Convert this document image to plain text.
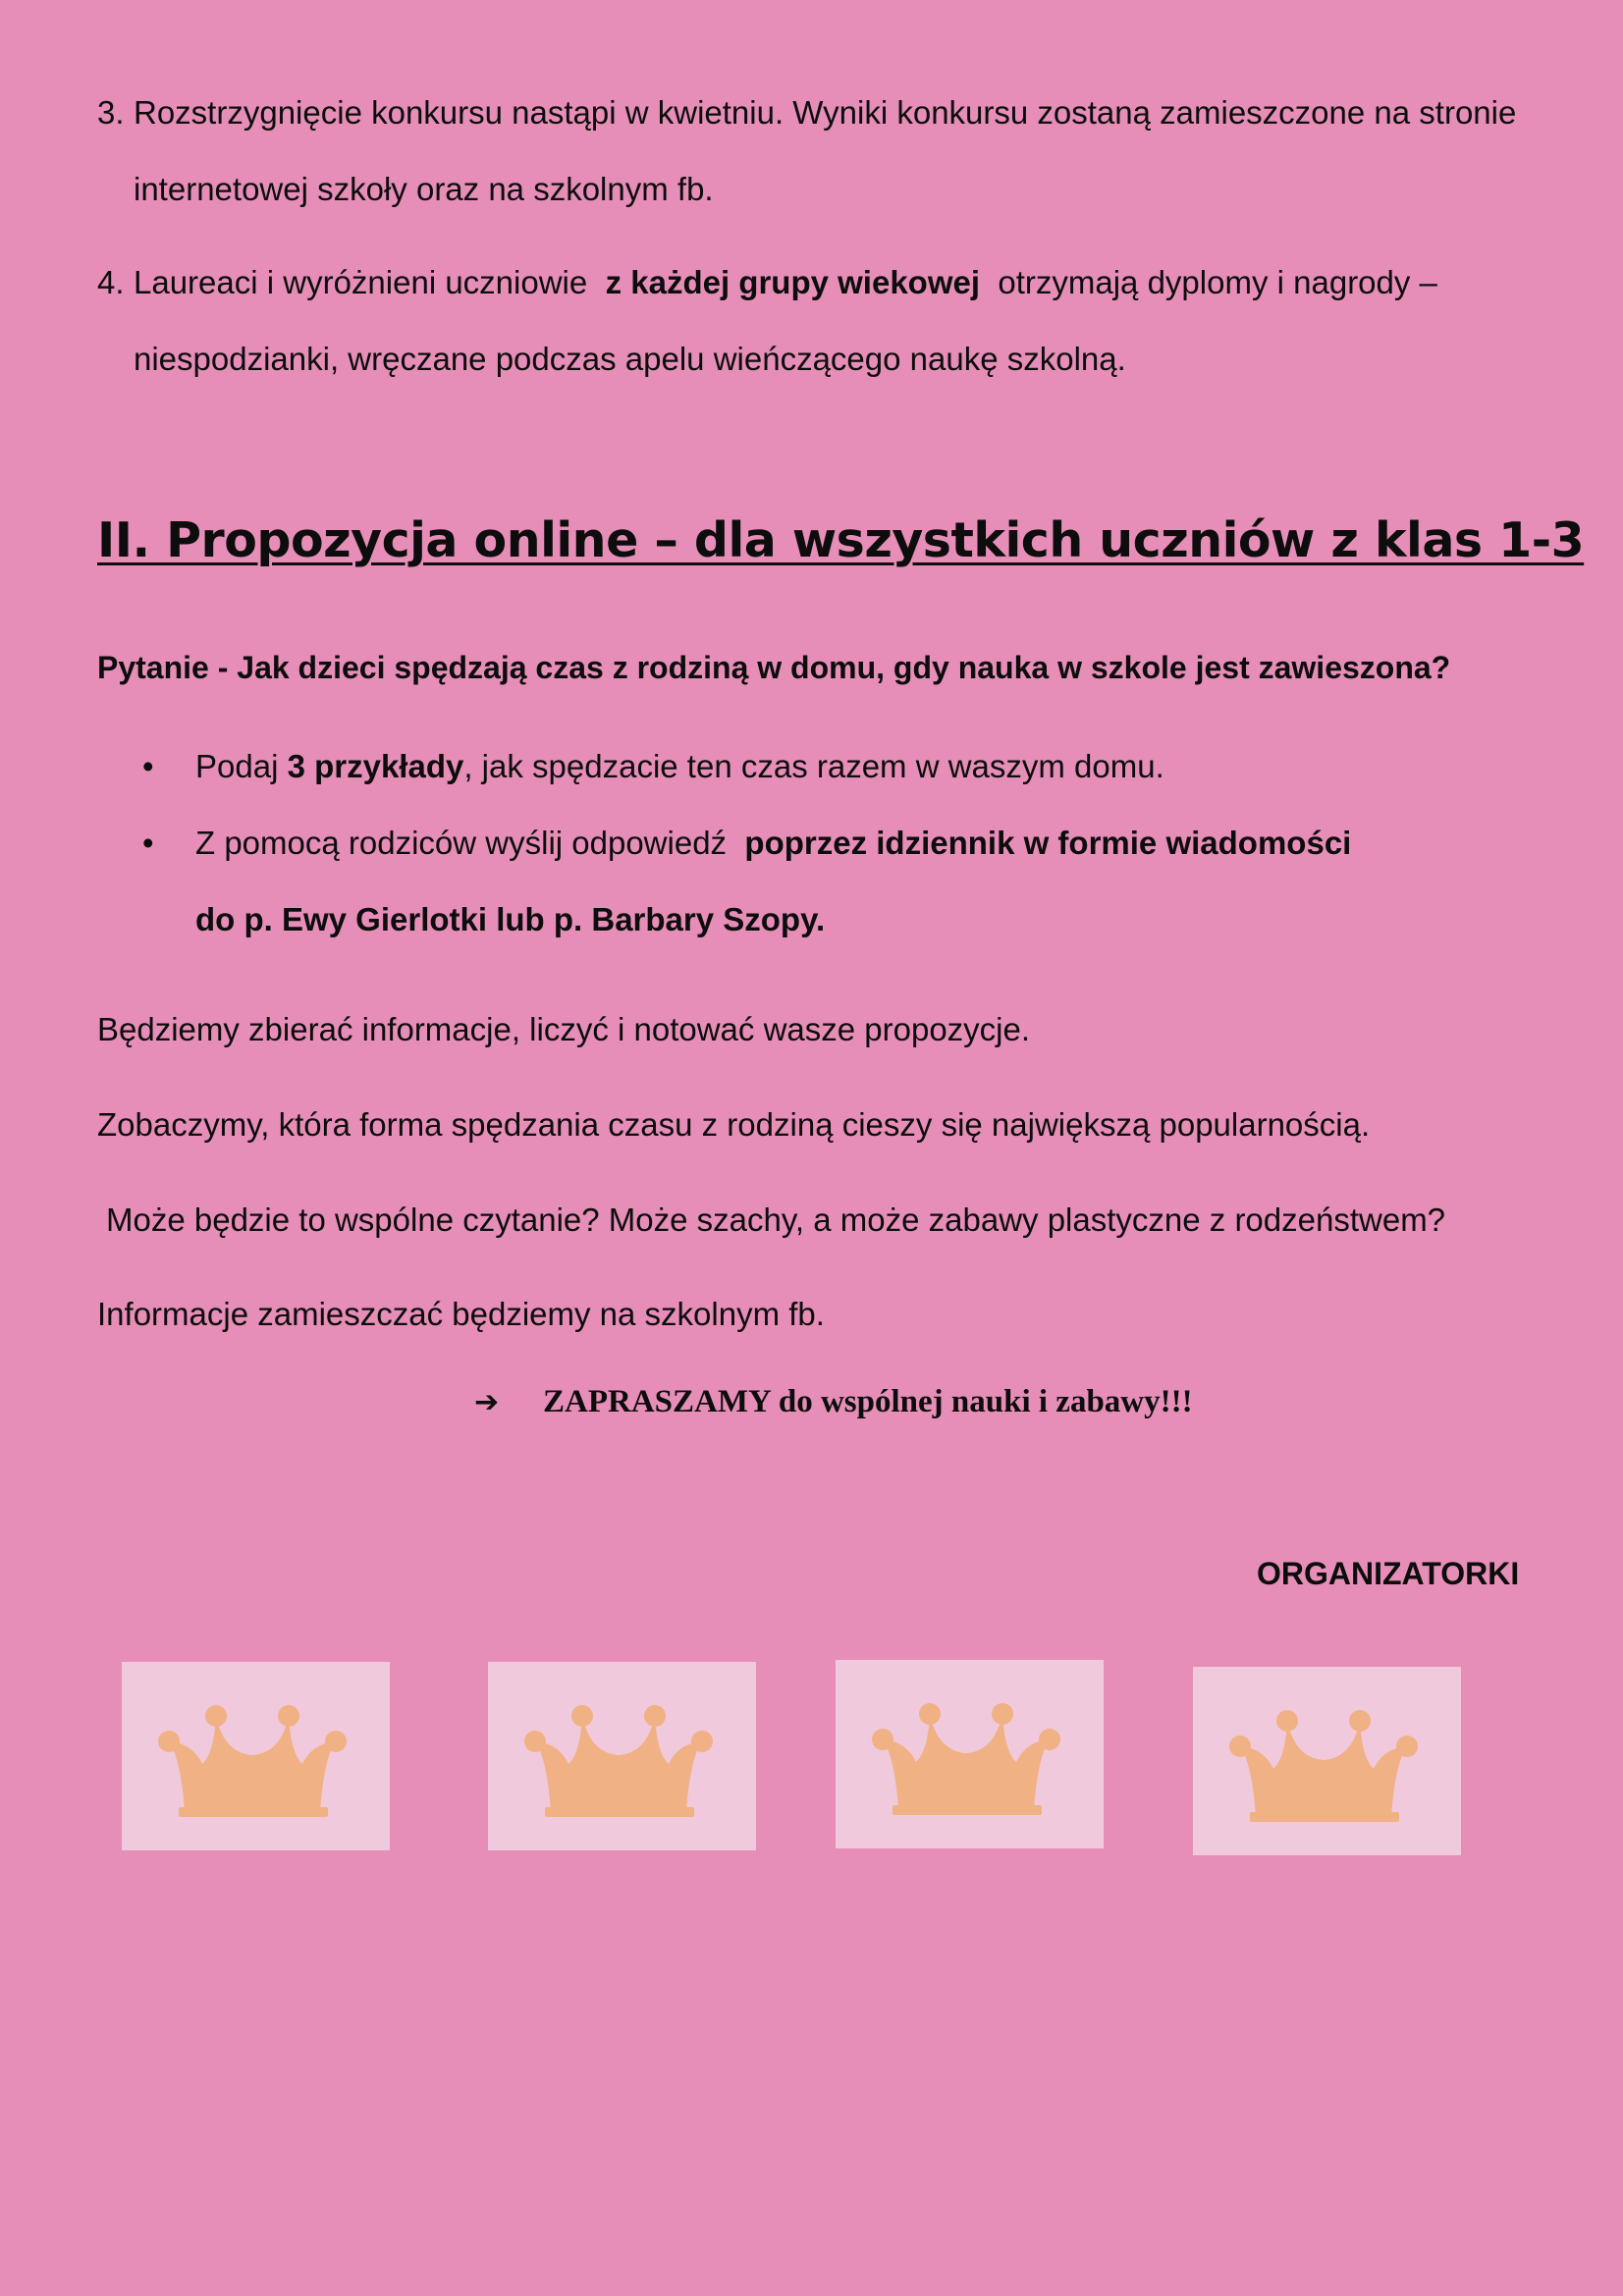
3. Rozstrzygnięcie konkursu nastąpi w kwietniu. Wyniki konkursu zostaną zamieszczone na stronie
internetowej szkoły oraz na szkolnym fb.
4. Laureaci i wyróżnieni uczniowie z każdej grupy wiekowej otrzymają dyplomy i nagrody –
niespodzianki, wręczane podczas apelu wieńczącego naukę szkolną.
II. Propozycja online – dla wszystkich uczniów z klas 1-3
Pytanie - Jak dzieci spędzają czas z rodziną w domu, gdy nauka w szkole jest zawieszona?
• Podaj 3 przykłady, jak spędzacie ten czas razem w waszym domu.
• Z pomocą rodziców wyślij odpowiedź poprzez idziennik w formie wiadomości
do p. Ewy Gierlotki lub p. Barbary Szopy.
Będziemy zbierać informacje, liczyć i notować wasze propozycje.
Zobaczymy, która forma spędzania czasu z rodziną cieszy się największą popularnością.
Może będzie to wspólne czytanie? Może szachy, a może zabawy plastyczne z rodzeństwem?
Informacje zamieszczać będziemy na szkolnym fb.
➔ ZAPRASZAMY do wspólnej nauki i zabawy!!!
ORGANIZATORKI
